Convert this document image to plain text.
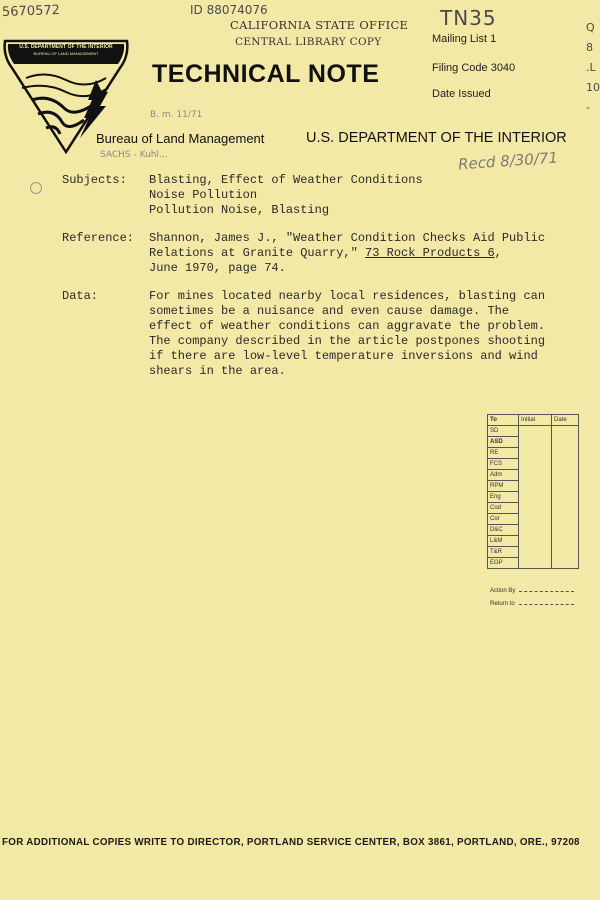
5670572	ID 88074076	TN35	Q 8 .L 10-
B. m. 11/71
SACHS - Kuhl...	Recd 8/30/71
CALIFORNIA STATE OFFICE
CENTRAL LIBRARY COPY
U.S. DEPARTMENT OF THE INTERIOR
BUREAU OF LAND MANAGEMENT
TECHNICAL NOTE
Mailing List 1
Filing Code 3040
Date Issued
Bureau of Land Management	U.S. DEPARTMENT OF THE INTERIOR
Subjects: Blasting, Effect of Weather Conditions
Noise Pollution
Pollution Noise, Blasting
Reference: Shannon, James J., "Weather Condition Checks Aid Public
Relations at Granite Quarry," 73 Rock Products 6,
June 1970, page 74.
Data:	For mines located nearby local residences, blasting can
sometimes be a nuisance and even cause damage. The
effect of weather conditions can aggravate the problem.
The company described in the article postpones shooting
if there are low-level temperature inversions and wind
shears in the area.
To	Initial	Date
SD		
ASD		
RE		
FCS		
Adm		
RPM		
Eng		
Cod		
Cor		
D&C		
L&M		
T&R		
EGP		
Action By
Return to
FOR ADDITIONAL COPIES WRITE TO DIRECTOR, PORTLAND SERVICE CENTER, BOX 3861, PORTLAND, ORE., 97208
